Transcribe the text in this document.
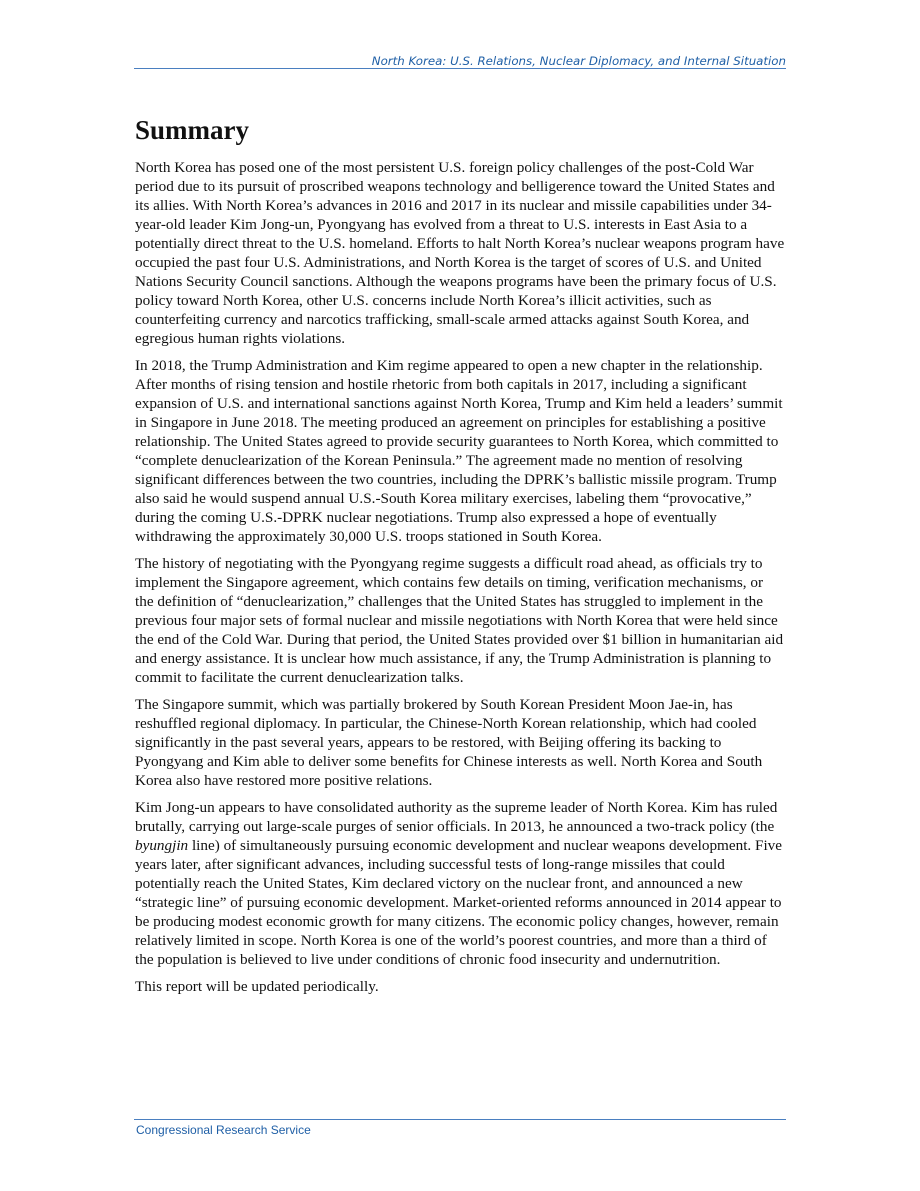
North Korea: U.S. Relations, Nuclear Diplomacy, and Internal Situation
Summary

North Korea has posed one of the most persistent U.S. foreign policy challenges of the post-Cold War period due to its pursuit of proscribed weapons technology and belligerence toward the United States and its allies. With North Korea’s advances in 2016 and 2017 in its nuclear and missile capabilities under 34-year-old leader Kim Jong-un, Pyongyang has evolved from a threat to U.S. interests in East Asia to a potentially direct threat to the U.S. homeland. Efforts to halt North Korea’s nuclear weapons program have occupied the past four U.S. Administrations, and North Korea is the target of scores of U.S. and United Nations Security Council sanctions. Although the weapons programs have been the primary focus of U.S. policy toward North Korea, other U.S. concerns include North Korea’s illicit activities, such as counterfeiting currency and narcotics trafficking, small-scale armed attacks against South Korea, and egregious human rights violations.

In 2018, the Trump Administration and Kim regime appeared to open a new chapter in the relationship. After months of rising tension and hostile rhetoric from both capitals in 2017, including a significant expansion of U.S. and international sanctions against North Korea, Trump and Kim held a leaders’ summit in Singapore in June 2018. The meeting produced an agreement on principles for establishing a positive relationship. The United States agreed to provide security guarantees to North Korea, which committed to “complete denuclearization of the Korean Peninsula.” The agreement made no mention of resolving significant differences between the two countries, including the DPRK’s ballistic missile program. Trump also said he would suspend annual U.S.-South Korea military exercises, labeling them “provocative,” during the coming U.S.-DPRK nuclear negotiations. Trump also expressed a hope of eventually withdrawing the approximately 30,000 U.S. troops stationed in South Korea.

The history of negotiating with the Pyongyang regime suggests a difficult road ahead, as officials try to implement the Singapore agreement, which contains few details on timing, verification mechanisms, or the definition of “denuclearization,” challenges that the United States has struggled to implement in the previous four major sets of formal nuclear and missile negotiations with North Korea that were held since the end of the Cold War. During that period, the United States provided over $1 billion in humanitarian aid and energy assistance. It is unclear how much assistance, if any, the Trump Administration is planning to commit to facilitate the current denuclearization talks.

The Singapore summit, which was partially brokered by South Korean President Moon Jae-in, has reshuffled regional diplomacy. In particular, the Chinese-North Korean relationship, which had cooled significantly in the past several years, appears to be restored, with Beijing offering its backing to Pyongyang and Kim able to deliver some benefits for Chinese interests as well. North Korea and South Korea also have restored more positive relations.

Kim Jong-un appears to have consolidated authority as the supreme leader of North Korea. Kim has ruled brutally, carrying out large-scale purges of senior officials. In 2013, he announced a two-track policy (the byungjin line) of simultaneously pursuing economic development and nuclear weapons development. Five years later, after significant advances, including successful tests of long-range missiles that could potentially reach the United States, Kim declared victory on the nuclear front, and announced a new “strategic line” of pursuing economic development. Market-oriented reforms announced in 2014 appear to be producing modest economic growth for many citizens. The economic policy changes, however, remain relatively limited in scope. North Korea is one of the world’s poorest countries, and more than a third of the population is believed to live under conditions of chronic food insecurity and undernutrition.

This report will be updated periodically.

Congressional Research Service
